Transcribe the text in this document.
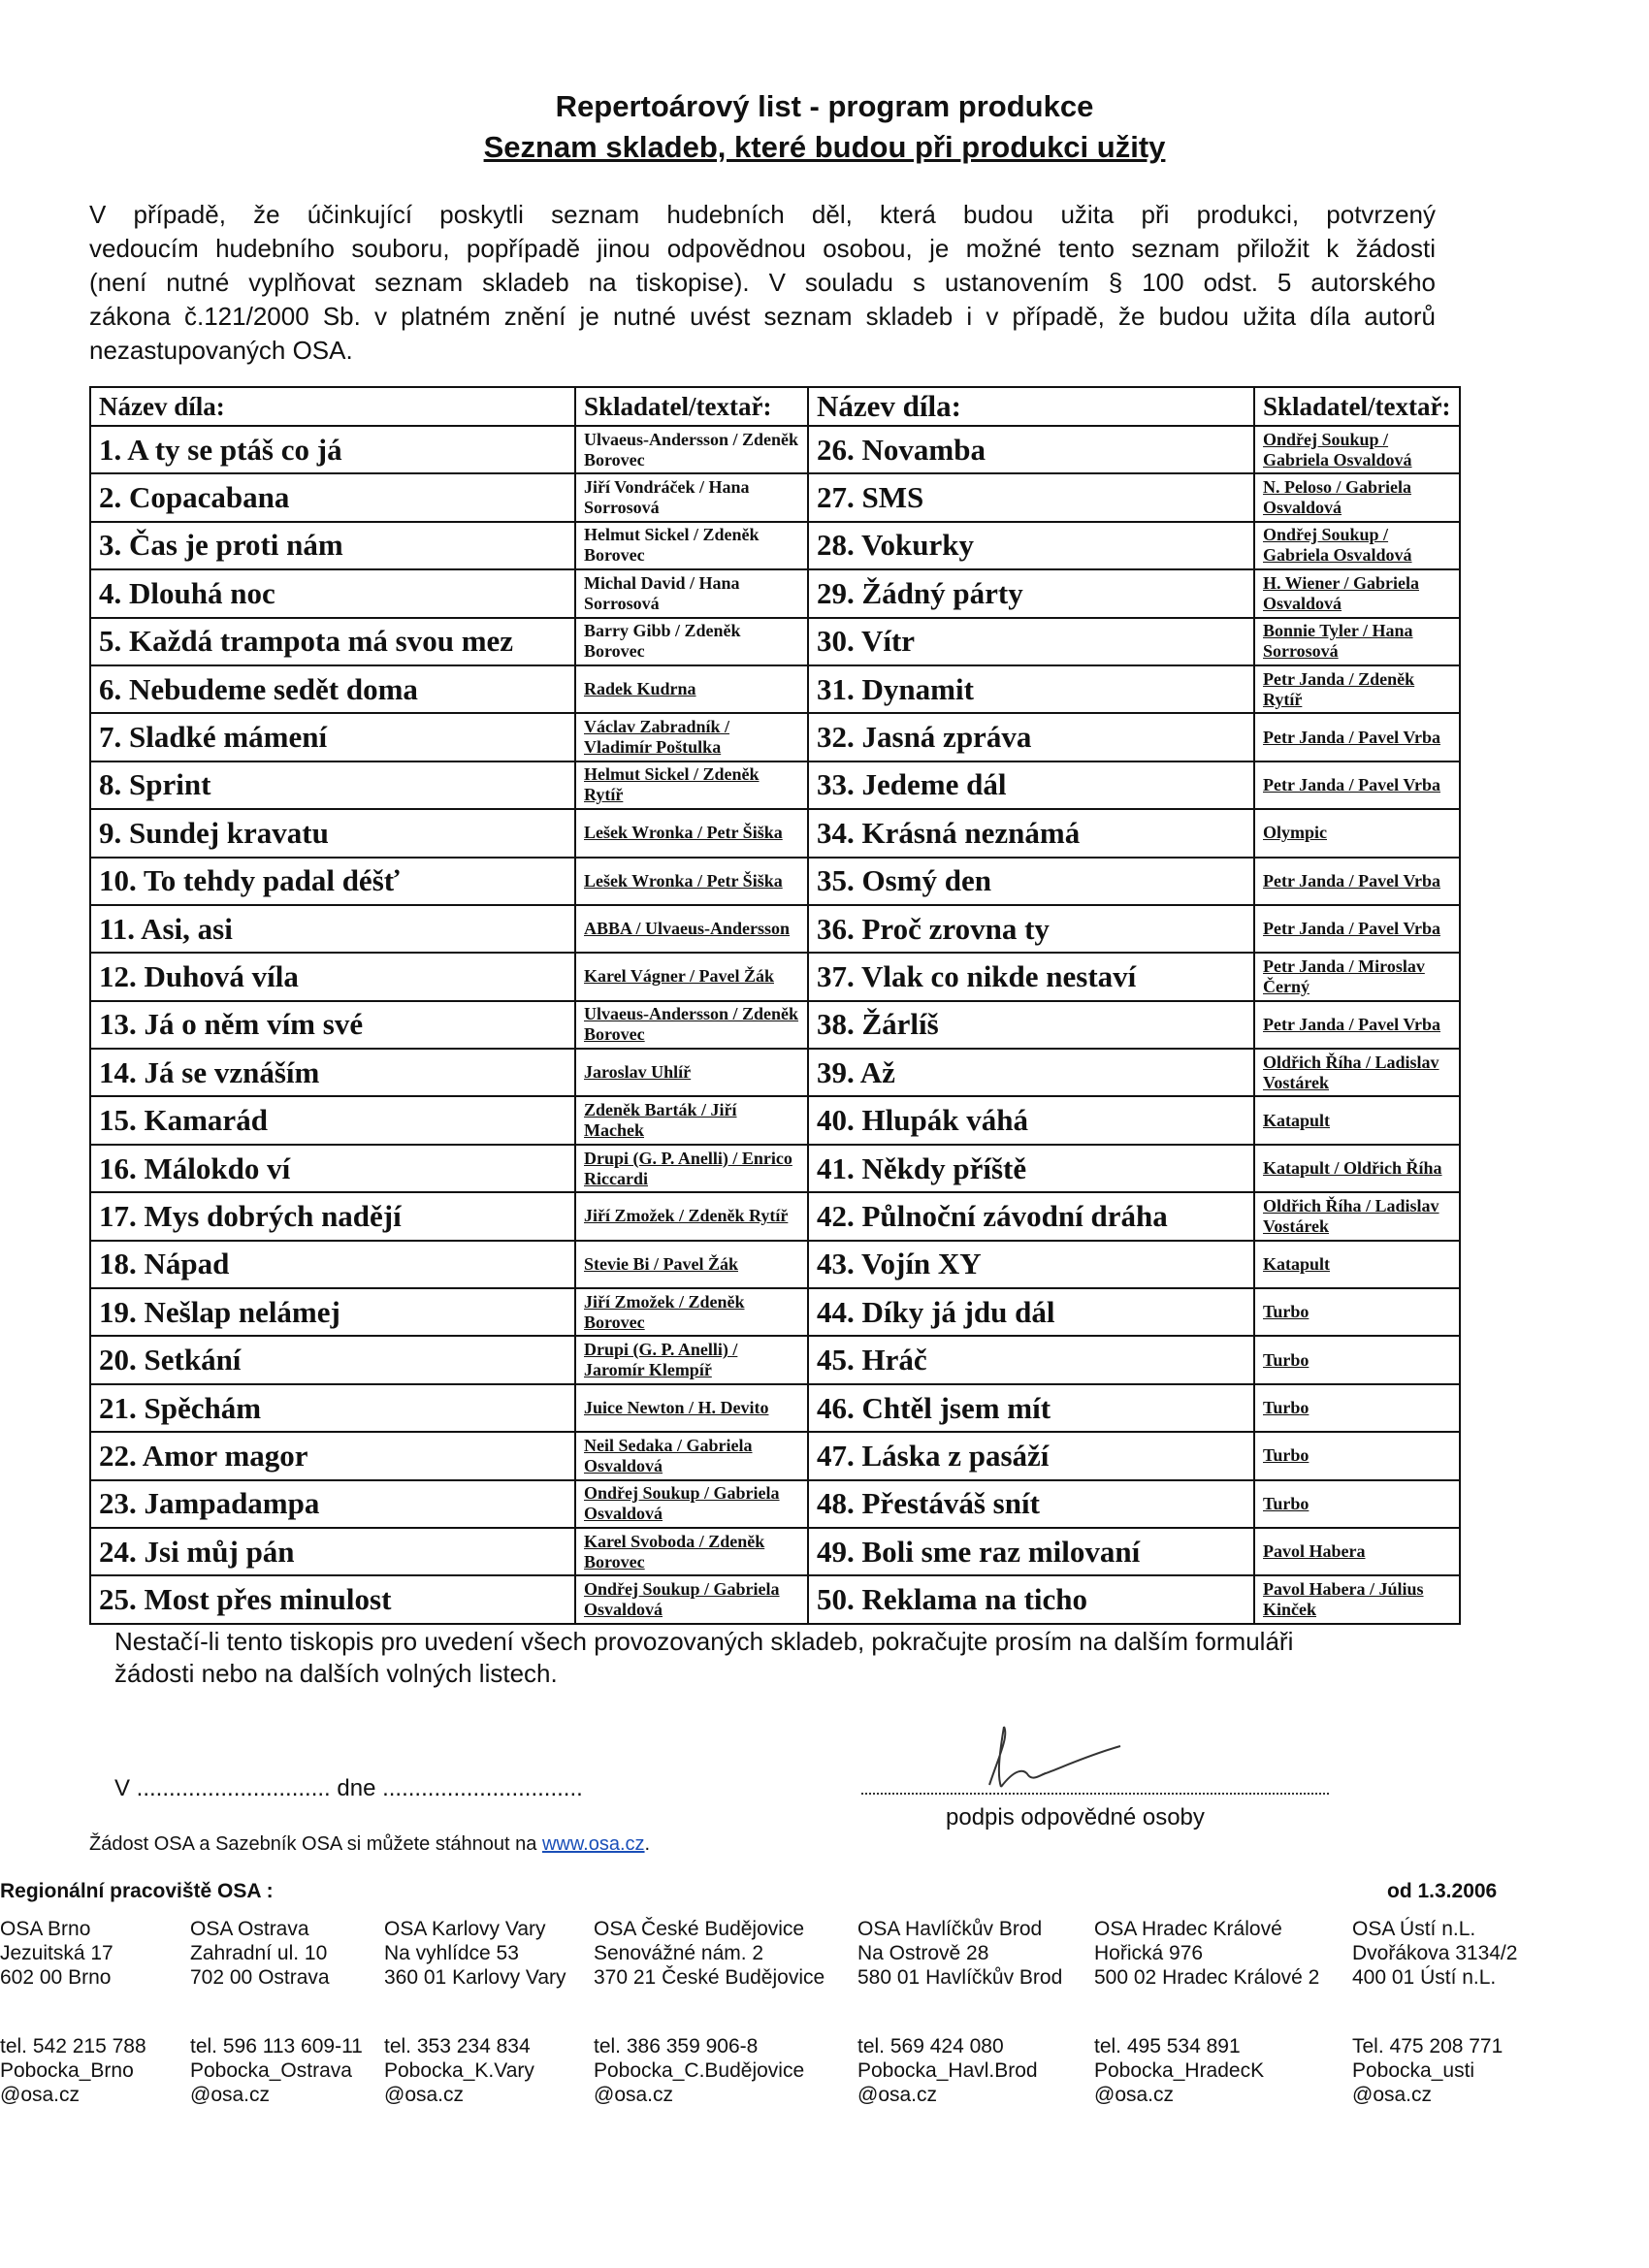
Repertoárový list - program produkce
Seznam skladeb, které budou při produkci užity
V případě, že účinkující poskytli seznam hudebních děl, která budou užita při produkci, potvrzený
vedoucím hudebního souboru, popřípadě jinou odpovědnou osobou, je možné tento seznam přiložit k žádosti
(není nutné vyplňovat seznam skladeb na tiskopise). V souladu s ustanovením § 100 odst. 5 autorského
zákona č.121/2000 Sb. v platném znění je nutné uvést seznam skladeb i v případě, že budou užita díla autorů
nezastupovaných OSA.
Název díla:	Skladatel/textař:	Název díla:	Skladatel/textař:
1. A ty se ptáš co já	Ulvaeus-Andersson / Zdeněk Borovec	26. Novamba	Ondřej Soukup / Gabriela Osvaldová
2. Copacabana	Jiří Vondráček / Hana Sorrosová	27. SMS	N. Peloso / Gabriela Osvaldová
3. Čas je proti nám	Helmut Sickel / Zdeněk Borovec	28. Vokurky	Ondřej Soukup / Gabriela Osvaldová
4. Dlouhá noc	Michal David / Hana Sorrosová	29. Žádný párty	H. Wiener / Gabriela Osvaldová
5. Každá trampota má svou mez	Barry Gibb / Zdeněk Borovec	30. Vítr	Bonnie Tyler / Hana Sorrosová
6. Nebudeme sedět doma	Radek Kudrna	31. Dynamit	Petr Janda / Zdeněk Rytíř
7. Sladké mámení	Václav Zabradník / Vladimír Poštulka	32. Jasná zpráva	Petr Janda / Pavel Vrba
8. Sprint	Helmut Sickel / Zdeněk Rytíř	33. Jedeme dál	Petr Janda / Pavel Vrba
9. Sundej kravatu	Lešek Wronka / Petr Šiška	34. Krásná neznámá	Olympic
10. To tehdy padal déšť	Lešek Wronka / Petr Šiška	35. Osmý den	Petr Janda / Pavel Vrba
11. Asi, asi	ABBA / Ulvaeus-Andersson	36. Proč zrovna ty	Petr Janda / Pavel Vrba
12. Duhová víla	Karel Vágner / Pavel Žák	37. Vlak co nikde nestaví	Petr Janda / Miroslav Černý
13. Já o něm vím své	Ulvaeus-Andersson / Zdeněk Borovec	38. Žárlíš	Petr Janda / Pavel Vrba
14. Já se vznáším	Jaroslav Uhlíř	39. Až	Oldřich Říha / Ladislav Vostárek
15. Kamarád	Zdeněk Barták / Jiří Machek	40. Hlupák váhá	Katapult
16. Málokdo ví	Drupi (G. P. Anelli) / Enrico Riccardi	41. Někdy příště	Katapult / Oldřich Říha
17. Mys dobrých nadějí	Jiří Zmožek / Zdeněk Rytíř	42. Půlnoční závodní dráha	Oldřich Říha / Ladislav Vostárek
18. Nápad	Stevie Bi / Pavel Žák	43. Vojín XY	Katapult
19. Nešlap nelámej	Jiří Zmožek / Zdeněk Borovec	44. Díky já jdu dál	Turbo
20. Setkání	Drupi (G. P. Anelli) / Jaromír Klempíř	45. Hráč	Turbo
21. Spěchám	Juice Newton / H. Devito	46. Chtěl jsem mít	Turbo
22. Amor magor	Neil Sedaka / Gabriela Osvaldová	47. Láska z pasáží	Turbo
23. Jampadampa	Ondřej Soukup / Gabriela Osvaldová	48. Přestáváš snít	Turbo
24. Jsi můj pán	Karel Svoboda / Zdeněk Borovec	49. Boli sme raz milovaní	Pavol Habera
25. Most přes minulost	Ondřej Soukup / Gabriela Osvaldová	50. Reklama na ticho	Pavol Habera / Július Kinček
Nestačí-li tento tiskopis pro uvedení všech provozovaných skladeb, pokračujte prosím na dalším formuláři
žádosti nebo na dalších volných listech.
V .............................. dne ...............................
podpis odpovědné osoby
Žádost OSA a Sazebník OSA si můžete stáhnout na www.osa.cz.
Regionální pracoviště OSA :	od 1.3.2006
OSA Brno
Jezuitská 17
602 00 Brno
tel. 542 215 788
Pobocka_Brno
@osa.cz
OSA Ostrava
Zahradní ul. 10
702 00 Ostrava
tel. 596 113 609-11
Pobocka_Ostrava
@osa.cz
OSA Karlovy Vary
Na vyhlídce 53
360 01 Karlovy Vary
tel. 353 234 834
Pobocka_K.Vary
@osa.cz
OSA České Budějovice
Senovážné nám. 2
370 21 České Budějovice
tel. 386 359 906-8
Pobocka_C.Budějovice
@osa.cz
OSA Havlíčkův Brod
Na Ostrově 28
580 01 Havlíčkův Brod
tel. 569 424 080
Pobocka_Havl.Brod
@osa.cz
OSA Hradec Králové
Hořická 976
500 02 Hradec Králové 2
tel. 495 534 891
Pobocka_HradecK
@osa.cz
OSA Ústí n.L.
Dvořákova 3134/2
400 01 Ústí n.L.
Tel. 475 208 771
Pobocka_usti
@osa.cz
